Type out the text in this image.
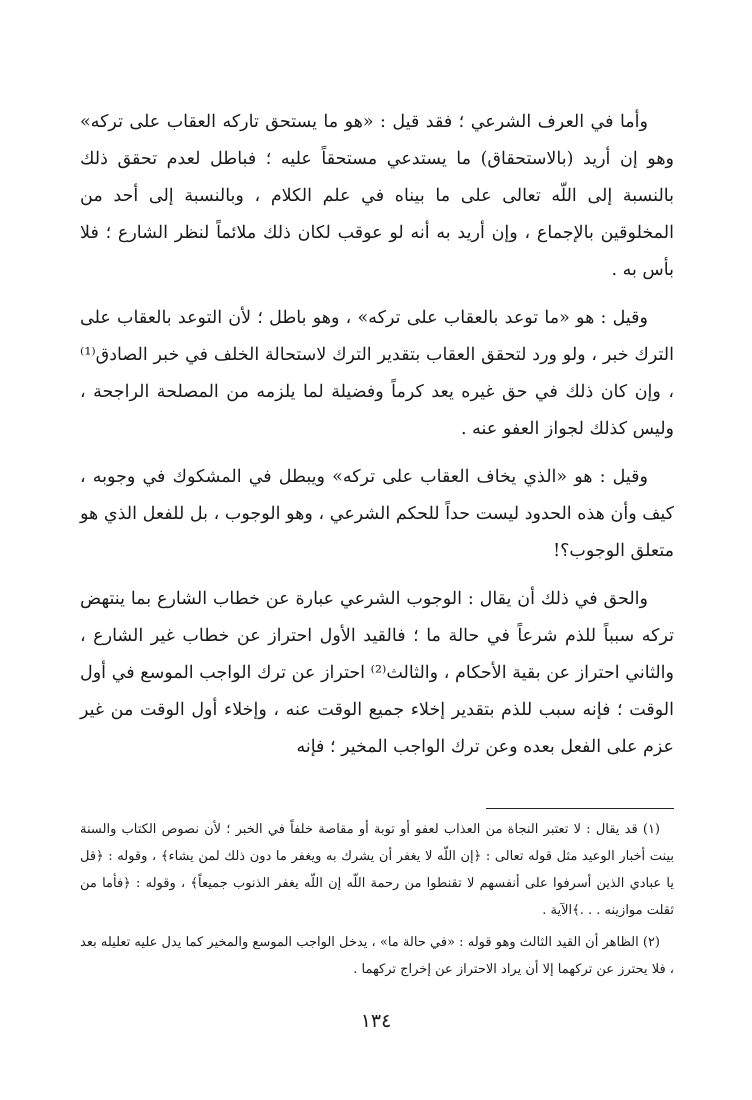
وأما في العرف الشرعي ؛ فقد قيل : «هو ما يستحق تاركه العقاب على تركه» وهو إن أريد (بالاستحقاق) ما يستدعي مستحقاً عليه ؛ فباطل لعدم تحقق ذلك بالنسبة إلى اللّه تعالى على ما بيناه في علم الكلام ، وبالنسبة إلى أحد من المخلوقين بالإجماع ، وإن أريد به أنه لو عوقب لكان ذلك ملائماً لنظر الشارع ؛ فلا بأس به .

وقيل : هو «ما توعد بالعقاب على تركه» ، وهو باطل ؛ لأن التوعد بالعقاب على الترك خبر ، ولو ورد لتحقق العقاب بتقدير الترك لاستحالة الخلف في خبر الصادق⁽¹⁾ ، وإن كان ذلك في حق غيره يعد كرماً وفضيلة لما يلزمه من المصلحة الراجحة ، وليس كذلك لجواز العفو عنه .

وقيل : هو «الذي يخاف العقاب على تركه» ويبطل في المشكوك في وجوبه ، كيف وأن هذه الحدود ليست حداً للحكم الشرعي ، وهو الوجوب ، بل للفعل الذي هو متعلق الوجوب؟!

والحق في ذلك أن يقال : الوجوب الشرعي عبارة عن خطاب الشارع بما ينتهض تركه سبباً للذم شرعاً في حالة ما ؛ فالقيد الأول احتراز عن خطاب غير الشارع ، والثاني احتراز عن بقية الأحكام ، والثالث⁽²⁾ احتراز عن ترك الواجب الموسع في أول الوقت ؛ فإنه سبب للذم بتقدير إخلاء جميع الوقت عنه ، وإخلاء أول الوقت من غير عزم على الفعل بعده وعن ترك الواجب المخير ؛ فإنه

(١) قد يقال : لا تعتبر النجاة من العذاب لعفو أو توبة أو مقاصة خلفاً في الخبر ؛ لأن نصوص الكتاب والسنة بينت أخبار الوعيد مثل قوله تعالى : ﴿إن اللّه لا يغفر أن يشرك به ويغفر ما دون ذلك لمن يشاء﴾ ، وقوله : ﴿قل يا عبادي الذين أسرفوا على أنفسهم لا تقنطوا من رحمة اللّه إن اللّه يغفر الذنوب جميعاً﴾ ، وقوله : ﴿فأما من ثقلت موازينه . . .﴾الآية .

(٢) الظاهر أن القيد الثالث وهو قوله : «في حالة ما» ، يدخل الواجب الموسع والمخير كما يدل عليه تعليله بعد ، فلا يحترز عن تركهما إلا أن يراد الاحتراز عن إخراج تركهما .

١٣٤
